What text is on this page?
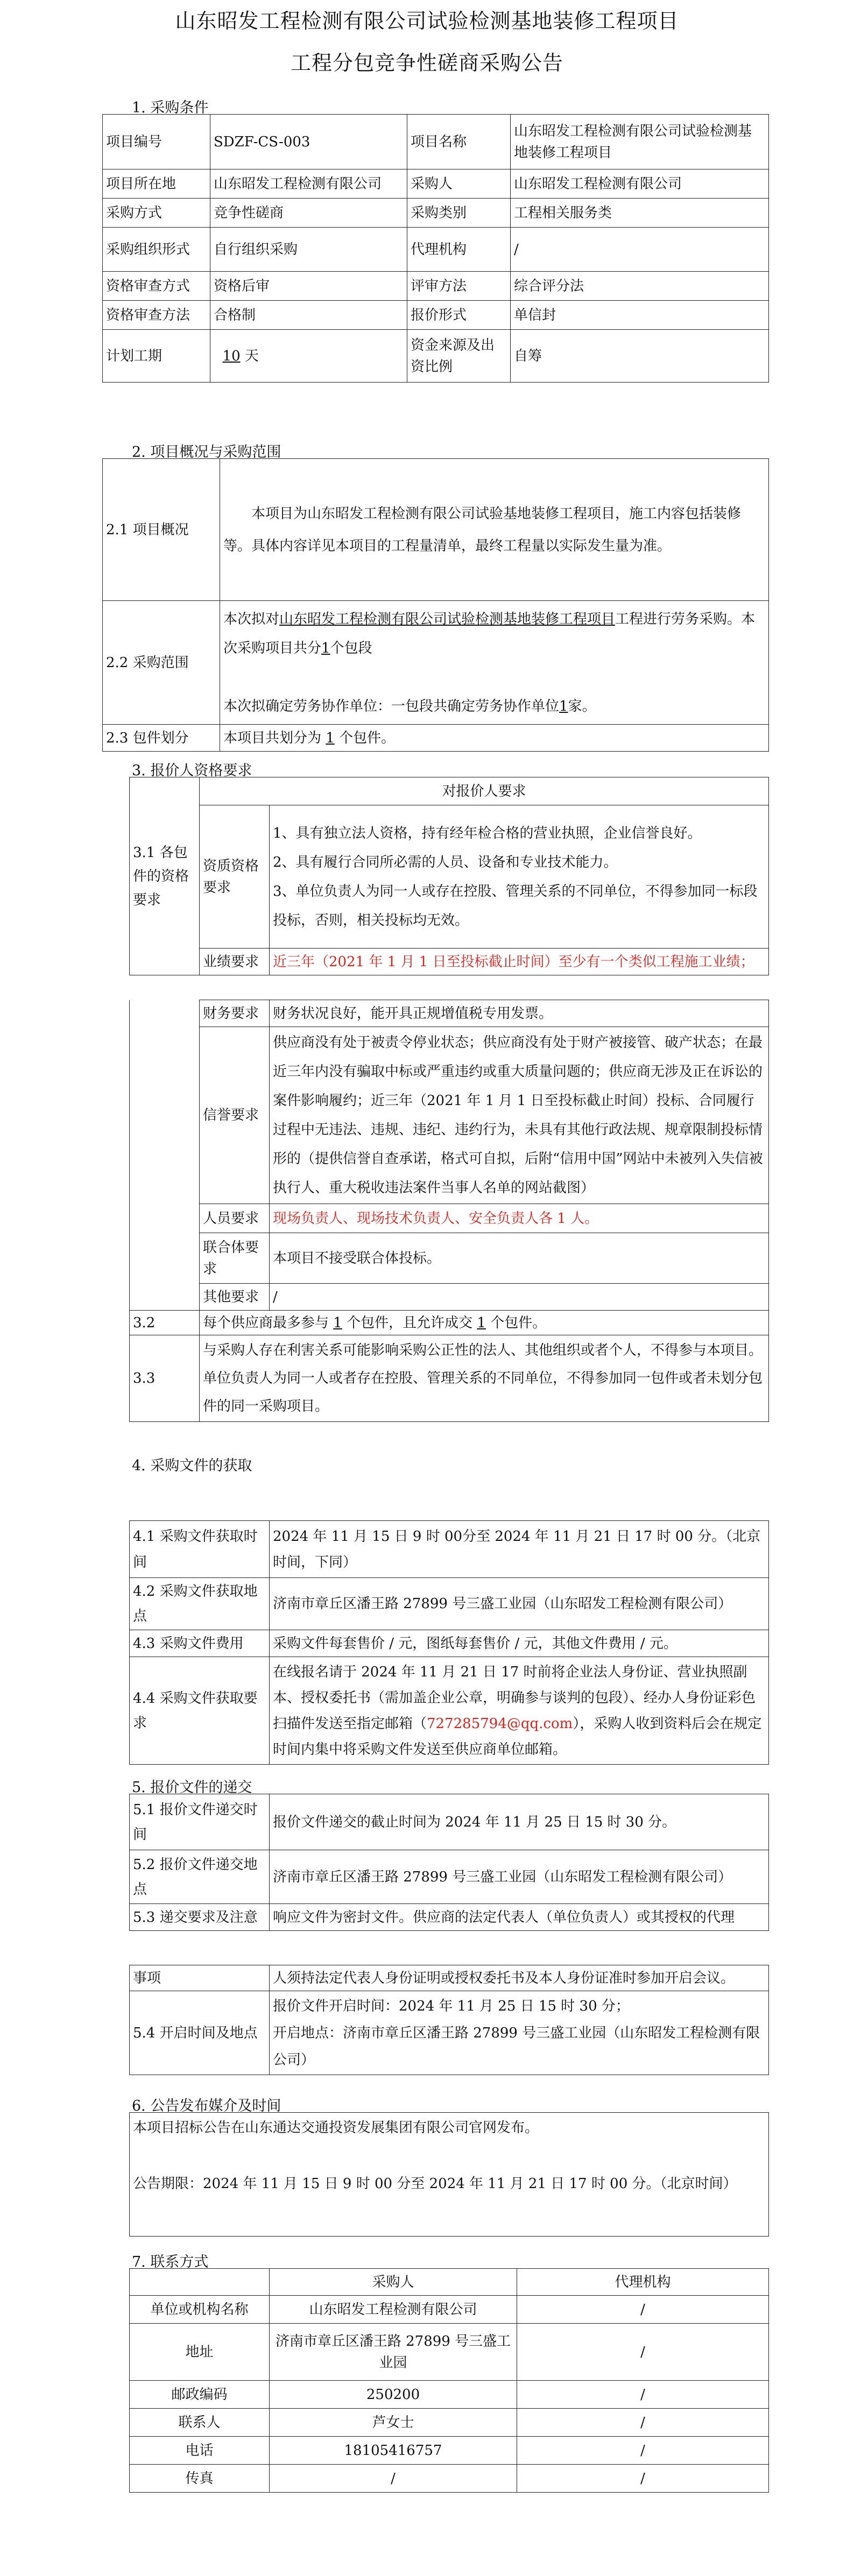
山东昭发工程检测有限公司试验检测基地装修工程项目
工程分包竞争性磋商采购公告
1. 采购条件
项目编号	SDZF-CS-003	项目名称	山东昭发工程检测有限公司试验检测基地装修工程项目
项目所在地	山东昭发工程检测有限公司	采购人	山东昭发工程检测有限公司
采购方式	竞争性磋商	采购类别	工程相关服务类
采购组织形式	自行组织采购	代理机构	/
资格审查方式	资格后审	评审方法	综合评分法
资格审查方法	合格制	报价形式	单信封
计划工期	10 天	资金来源及出资比例	自筹
2. 项目概况与采购范围
2.1 项目概况	本项目为山东昭发工程检测有限公司试验基地装修工程项目，施工内容包括装修等。具体内容详见本项目的工程量清单，最终工程量以实际发生量为准。
2.2 采购范围	本次拟对山东昭发工程检测有限公司试验检测基地装修工程项目工程进行劳务采购。本次采购项目共分1个包段

本次拟确定劳务协作单位：一包段共确定劳务协作单位1家。
2.3 包件划分	本项目共划分为 1 个包件。
3. 报价人资格要求
3.1 各包件的资格要求	对报价人要求	
	资质资格要求	1、具有独立法人资格，持有经年检合格的营业执照，企业信誉良好。
2、具有履行合同所必需的人员、设备和专业技术能力。
3、单位负责人为同一人或存在控股、管理关系的不同单位，不得参加同一标段投标，否则，相关投标均无效。
	业绩要求	近三年（2021 年 1 月 1 日至投标截止时间）至少有一个类似工程施工业绩；
	财务要求	财务状况良好，能开具正规增值税专用发票。
	信誉要求	供应商没有处于被责令停业状态；供应商没有处于财产被接管、破产状态；在最近三年内没有骗取中标或严重违约或重大质量问题的；供应商无涉及正在诉讼的案件影响履约；近三年（2021 年 1 月 1 日至投标截止时间）投标、合同履行过程中无违法、违规、违纪、违约行为，未具有其他行政法规、规章限制投标情形的（提供信誉自查承诺，格式可自拟，后附“信用中国”网站中未被列入失信被执行人、重大税收违法案件当事人名单的网站截图）
	人员要求	现场负责人、现场技术负责人、安全负责人各 1 人。
	联合体要求	本项目不接受联合体投标。
	其他要求	/
3.2	每个供应商最多参与 1 个包件，且允许成交 1 个包件。	
3.3	与采购人存在利害关系可能影响采购公正性的法人、其他组织或者个人，不得参与本项目。单位负责人为同一人或者存在控股、管理关系的不同单位，不得参加同一包件或者未划分包件的同一采购项目。	
4. 采购文件的获取
4.1 采购文件获取时间	2024 年 11 月 15 日 9 时 00分至 2024 年 11 月 21 日 17 时 00 分。（北京时间，下同）
4.2 采购文件获取地点	济南市章丘区潘王路 27899 号三盛工业园（山东昭发工程检测有限公司）
4.3 采购文件费用	采购文件每套售价 / 元，图纸每套售价 / 元，其他文件费用 / 元。
4.4 采购文件获取要求	在线报名请于 2024 年 11 月 21 日 17 时前将企业法人身份证、营业执照副本、授权委托书（需加盖企业公章，明确参与谈判的包段）、经办人身份证彩色扫描件发送至指定邮箱（727285794@qq.com），采购人收到资料后会在规定时间内集中将采购文件发送至供应商单位邮箱。
5. 报价文件的递交
5.1 报价文件递交时间	报价文件递交的截止时间为 2024 年 11 月 25 日 15 时 30 分。
5.2 报价文件递交地点	济南市章丘区潘王路 27899 号三盛工业园（山东昭发工程检测有限公司）
5.3 递交要求及注意	响应文件为密封文件。供应商的法定代表人（单位负责人）或其授权的代理
事项	人须持法定代表人身份证明或授权委托书及本人身份证准时参加开启会议。
5.4 开启时间及地点	报价文件开启时间：2024 年 11 月 25 日 15 时 30 分；
开启地点：济南市章丘区潘王路 27899 号三盛工业园（山东昭发工程检测有限公司）
6. 公告发布媒介及时间
本项目招标公告在山东通达交通投资发展集团有限公司官网发布。

公告期限：2024 年 11 月 15 日 9 时 00 分至 2024 年 11 月 21 日 17 时 00 分。（北京时间）
7. 联系方式
	采购人	代理机构
单位或机构名称	山东昭发工程检测有限公司	/
地址	济南市章丘区潘王路 27899 号三盛工业园	/
邮政编码	250200	/
联系人	芦女士	/
电话	18105416757	/
传真	/	/
